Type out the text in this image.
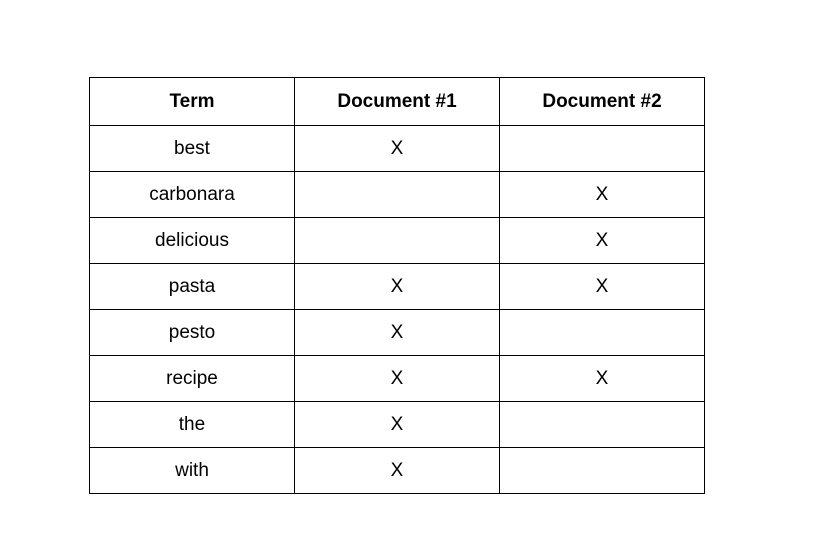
Term	Document #1	Document #2
best	X	
carbonara		X
delicious		X
pasta	X	X
pesto	X	
recipe	X	X
the	X	
with	X	
